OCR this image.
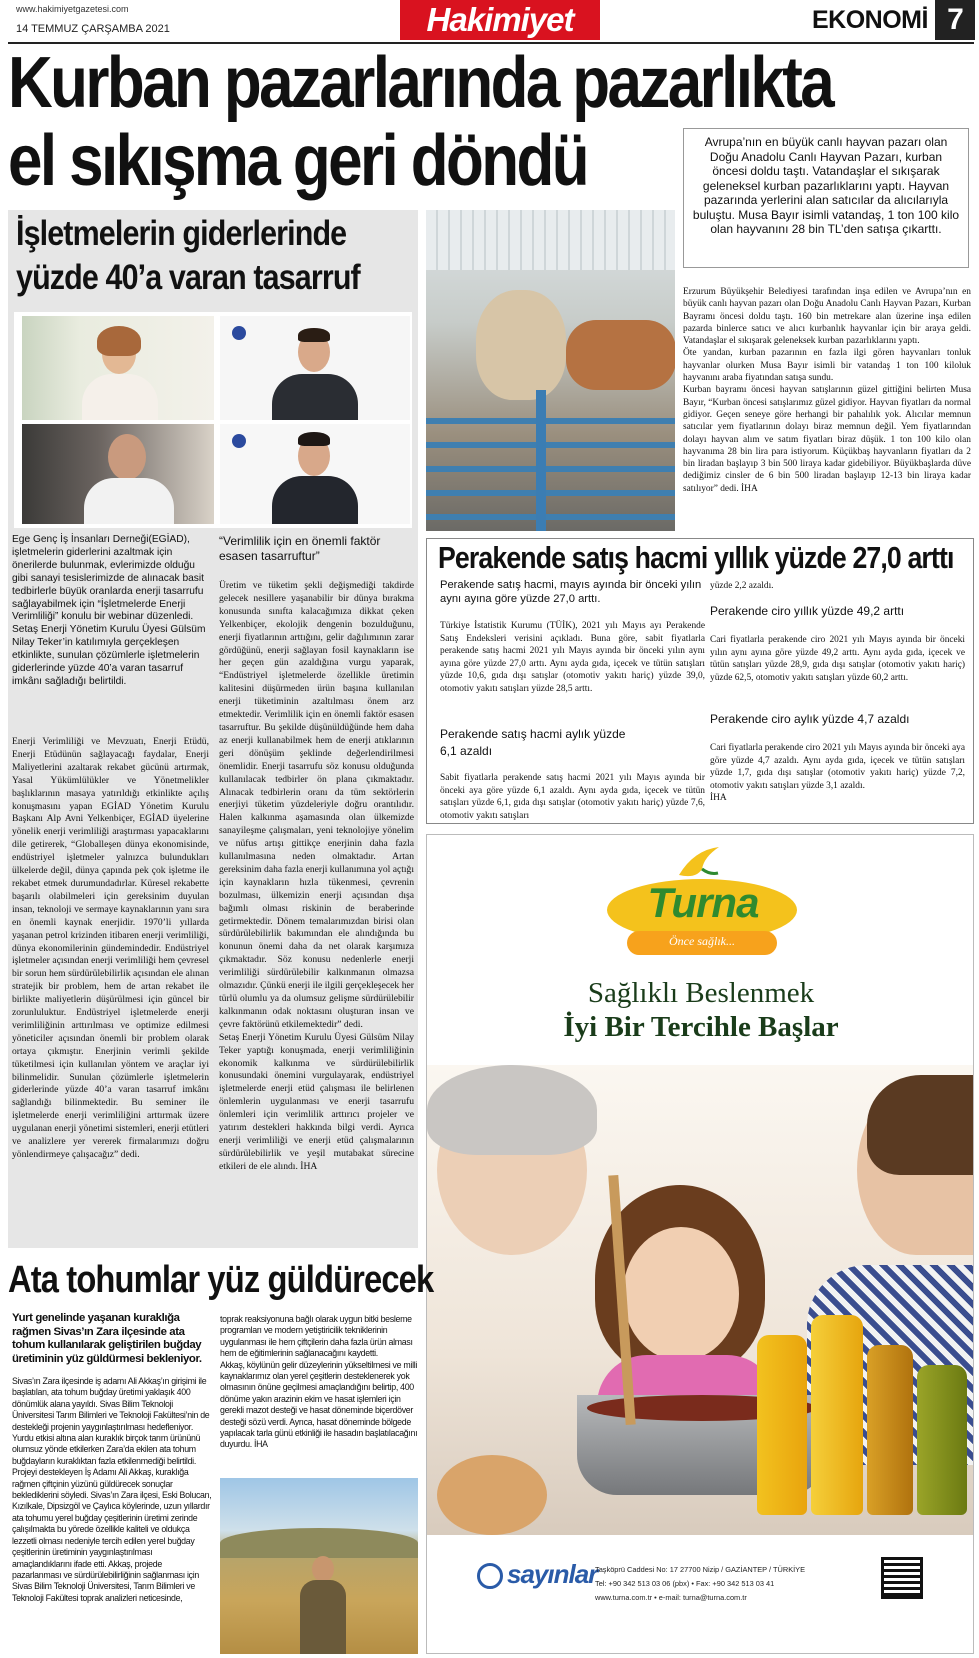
www.hakimiyetgazetesi.com
14 TEMMUZ ÇARŞAMBA 2021	Hakimiyet	EKONOMİ 7
Kurban pazarlarında pazarlıkta
el sıkışma geri döndü	Avrupa’nın en büyük canlı hayvan pazarı olan Doğu Anadolu Canlı Hayvan Pazarı, kurban öncesi doldu taştı. Vatandaşlar el sıkışarak geleneksel kurban pazarlıklarını yaptı. Hayvan pazarında yerlerini alan satıcılar da alıcılarıyla buluştu. Musa Bayır isimli vatandaş, 1 ton 100 kilo olan hayvanını 28 bin TL’den satışa çıkarttı.
İşletmelerin giderlerinde
yüzde 40’a varan tasarruf
Ege Genç İş İnsanları Derneği(EGİAD), işletmelerin giderlerini azaltmak için önerilerde bulunmak, evlerimizde olduğu gibi sanayi tesislerimizde de alınacak basit tedbirlerle büyük oranlarda enerji tasarrufu sağlayabilmek için “İşletmelerde Enerji Verimliliği” konulu bir webinar düzenledi. Setaş Enerji Yönetim Kurulu Üyesi Gülsüm Nilay Teker’in katılımıyla gerçekleşen etkinlikte, sunulan çözümlerle işletmelerin giderlerinde yüzde 40’a varan tasarruf imkânı sağladığı belirtildi.
Enerji Verimliliği ve Mevzuatı, Enerji Etüdü, Enerji Etüdünün sağlayacağı faydalar, Enerji Maliyetlerini azaltarak rekabet gücünü artırmak, Yasal Yükümlülükler ve Yönetmelikler başlıklarının masaya yatırıldığı etkinlikte açılış konuşmasını yapan EGİAD Yönetim Kurulu Başkanı Alp Avni Yelkenbiçer, EGİAD üyelerine yönelik enerji verimliliği araştırması yapacaklarını dile getirerek, “Globalleşen dünya ekonomisinde, endüstriyel işletmeler yalnızca bulundukları ülkelerde değil, dünya çapında pek çok işletme ile rekabet etmek durumundadırlar. Küresel rekabette başarılı olabilmeleri için gereksinim duyulan insan, teknoloji ve sermaye kaynaklarının yanı sıra en önemli kaynak enerjidir. 1970’li yıllarda yaşanan petrol krizinden itibaren enerji verimliliği, dünya ekonomilerinin gündemindedir. Endüstriyel işletmeler açısından enerji verimliliği hem çevresel bir sorun hem sürdürülebilirlik açısından ele alınan stratejik bir problem, hem de artan rekabet ile birlikte maliyetlerin düşürülmesi için güncel bir zorunluluktur. Endüstriyel işletmelerde enerji verimliliğinin arttırılması ve optimize edilmesi yöneticiler açısından önemli bir problem olarak ortaya çıkmıştır. Enerjinin verimli şekilde tüketilmesi için kullanılan yöntem ve araçlar iyi bilinmelidir. Sunulan çözümlerle işletmelerin giderlerinde yüzde 40’a varan tasarruf imkânı sağlandığı bilinmektedir. Bu seminer ile işletmelerde enerji verimliliğini arttırmak üzere uygulanan enerji yönetimi sistemleri, enerji etütleri ve analizlere yer vererek firmalarımızı doğru yönlendirmeye çalışacağız” dedi.
“Verimlilik için en önemli faktör esasen tasarruftur”
Üretim ve tüketim şekli değişmediği takdirde gelecek nesillere yaşanabilir bir dünya bırakma konusunda sınıfta kalacağımıza dikkat çeken Yelkenbiçer, ekolojik dengenin bozulduğunu, enerji fiyatlarının arttığını, gelir dağılımının zarar gördüğünü, enerji sağlayan fosil kaynakların ise her geçen gün azaldığına vurgu yaparak, “Endüstriyel işletmelerde özellikle üretimin kalitesini düşürmeden ürün başına kullanılan enerji tüketiminin azaltılması önem arz etmektedir. Verimlilik için en önemli faktör esasen tasarruftur. Bu şekilde düşünüldüğünde hem daha az enerji kullanabilmek hem de enerji atıklarının geri dönüşüm şeklinde değerlendirilmesi önemlidir. Enerji tasarrufu söz konusu olduğunda kullanılacak tedbirler ön plana çıkmaktadır. Alınacak tedbirlerin oranı da tüm sektörlerin enerjiyi tüketim yüzdeleriyle doğru orantılıdır. Halen kalkınma aşamasında olan ülkemizde sanayileşme çalışmaları, yeni teknolojiye yönelim ve nüfus artışı gittikçe enerjinin daha fazla kullanılmasına neden olmaktadır. Artan gereksinim daha fazla enerji kullanımına yol açtığı için kaynakların hızla tükenmesi, çevrenin bozulması, ülkemizin enerji açısından dışa bağımlı olması riskinin de beraberinde getirmektedir. Dönem temalarımızdan birisi olan sürdürülebilirlik bakımından ele alındığında bu konunun önemi daha da net olarak karşımıza çıkmaktadır. Söz konusu nedenlerle enerji verimliliği sürdürülebilir kalkınmanın olmazsa olmazıdır. Çünkü enerji ile ilgili gerçekleşecek her türlü olumlu ya da olumsuz gelişme sürdürülebilir kalkınmanın odak noktasını oluşturan insan ve çevre faktörünü etkilemektedir” dedi.
Setaş Enerji Yönetim Kurulu Üyesi Gülsüm Nilay Teker yaptığı konuşmada, enerji verimliliğinin ekonomik kalkınma ve sürdürülebilirlik konusundaki önemini vurgulayarak, endüstriyel işletmelerde enerji etüd çalışması ile belirlenen önlemlerin uygulanması ve enerji tasarrufu önlemleri için verimlilik arttırıcı projeler ve yatırım destekleri hakkında bilgi verdi. Ayrıca enerji verimliliği ve enerji etüd çalışmalarının sürdürülebilirlik ve yeşil mutabakat sürecine etkileri de ele alındı. İHA
Erzurum Büyükşehir Belediyesi tarafından inşa edilen ve Avrupa’nın en büyük canlı hayvan pazarı olan Doğu Anadolu Canlı Hayvan Pazarı, Kurban Bayramı öncesi doldu taştı. 160 bin metrekare alan üzerine inşa edilen pazarda binlerce satıcı ve alıcı kurbanlık hayvanlar için bir araya geldi. Vatandaşlar el sıkışarak geleneksek kurban pazarlıklarını yaptı.
Öte yandan, kurban pazarının en fazla ilgi gören hayvanları tonluk hayvanlar olurken Musa Bayır isimli bir vatandaş 1 ton 100 kiloluk hayvanını araba fiyatından satışa sundu.
Kurban bayramı öncesi hayvan satışlarının güzel gittiğini belirten Musa Bayır, “Kurban öncesi satışlarımız güzel gidiyor. Hayvan fiyatları da normal gidiyor. Geçen seneye göre herhangi bir pahalılık yok. Alıcılar memnun satıcılar yem fiyatlarının dolayı biraz memnun değil. Yem fiyatlarından dolayı hayvan alım ve satım fiyatları biraz düşük. 1 ton 100 kilo olan hayvanıma 28 bin lira para istiyorum. Küçükbaş hayvanların fiyatları da 2 bin liradan başlayıp 3 bin 500 liraya kadar gidebiliyor. Büyükbaşlarda düve dediğimiz cinsler de 6 bin 500 liradan başlayıp 12-13 bin liraya kadar satılıyor” dedi. İHA
Perakende satış hacmi yıllık yüzde 27,0 arttı
Perakende satış hacmi, mayıs ayında bir önceki yılın aynı ayına göre yüzde 27,0 arttı.
Türkiye İstatistik Kurumu (TÜİK), 2021 yılı Mayıs ayı Perakende Satış Endeksleri verisini açıkladı. Buna göre, sabit fiyatlarla perakende satış hacmi 2021 yılı Mayıs ayında bir önceki yılın aynı ayına göre yüzde 27,0 arttı. Aynı ayda gıda, içecek ve tütün satışları yüzde 10,6, gıda dışı satışlar (otomotiv yakıtı hariç) yüzde 39,0, otomotiv yakıtı satışları yüzde 28,5 arttı.
Perakende satış hacmi aylık yüzde 6,1 azaldı
Sabit fiyatlarla perakende satış hacmi 2021 yılı Mayıs ayında bir önceki aya göre yüzde 6,1 azaldı. Aynı ayda gıda, içecek ve tütün satışları yüzde 6,1, gıda dışı satışlar (otomotiv yakıtı hariç) yüzde 7,6, otomotiv yakıtı satışları
yüzde 2,2 azaldı.
Perakende ciro yıllık yüzde 49,2 arttı
Cari fiyatlarla perakende ciro 2021 yılı Mayıs ayında bir önceki yılın aynı ayına göre yüzde 49,2 arttı. Aynı ayda gıda, içecek ve tütün satışları yüzde 28,9, gıda dışı satışlar (otomotiv yakıtı hariç) yüzde 62,5, otomotiv yakıtı satışları yüzde 60,2 arttı.
Perakende ciro aylık yüzde 4,7 azaldı
Cari fiyatlarla perakende ciro 2021 yılı Mayıs ayında bir önceki aya göre yüzde 4,7 azaldı. Aynı ayda gıda, içecek ve tütün satışları yüzde 1,7, gıda dışı satışlar (otomotiv yakıtı hariç) yüzde 7,2, otomotiv yakıtı satışları yüzde 3,1 azaldı.
İHA
Turna
Önce sağlık...
Sağlıklı Beslenmek
İyi Bir Tercihle Başlar
sayınlar
Taşköprü Caddesi No: 17 27700 Nizip / GAZİANTEP / TÜRKİYE
Tel: +90 342 513 03 06 (pbx) • Fax: +90 342 513 03 41
www.turna.com.tr • e-mail: turna@turna.com.tr
Ata tohumlar yüz güldürecek
Yurt genelinde yaşanan kuraklığa rağmen Sivas’ın Zara ilçesinde ata tohum kullanılarak geliştirilen buğday üretiminin yüz güldürmesi bekleniyor.
Sivas’ın Zara ilçesinde iş adamı Ali Akkaş’ın girişimi ile başlatılan, ata tohum buğday üretimi yaklaşık 400 dönümlük alana yayıldı. Sivas Bilim Teknoloji Üniversitesi Tarım Bilimleri ve Teknoloji Fakültesi’nin de destekleği projenin yaygınlaştırılması hedefleniyor. Yurdu etkisi altına alan kuraklık birçok tarım ürününü olumsuz yönde etkilerken Zara’da ekilen ata tohum buğdayların kuraklıktan fazla etkilenmediği belirtildi. Projeyi destekleyen İş Adamı Ali Akkaş, kuraklığa rağmen çiftçinin yüzünü güldürecek sonuçlar beklediklerini söyledi. Sivas’ın Zara ilçesi, Eski Bolucan, Kızılkale, Dipsizgöl ve Çaylıca köylerinde, uzun yıllardır ata tohumu yerel buğday çeşitlerinin üretimi zerinde çalışılmakta bu yörede özellikle kaliteli ve oldukça lezzetli olması nedeniyle tercih edilen yerel buğday çeşitlerinin üretiminin yaygınlaştırılması amaçlandıklarını ifade etti. Akkaş, projede pazarlanması ve sürdürülebilirliğinin sağlanması için Sivas Bilim Teknoloji Üniversitesi, Tarım Bilimleri ve Teknoloji Fakültesi toprak analizleri neticesinde,
toprak reaksiyonuna bağlı olarak uygun bitki besleme programları ve modern yetiştiricilik tekniklerinin uygulanması ile hem çiftçilerin daha fazla ürün alması hem de eğitimlerinin sağlanacağını kaydetti.
Akkaş, köylünün gelir düzeylerinin yükseltilmesi ve milli kaynaklarımız olan yerel çeşitlerin desteklenerek yok olmasının önüne geçilmesi amaçlandığını belirtip, 400 dönüme yakın arazinin ekim ve hasat işlemleri için gerekli mazot desteği ve hasat döneminde biçerdöver desteği sözü verdi. Ayrıca, hasat döneminde bölgede yapılacak tarla günü etkinliği ile hasadın başlatılacağını duyurdu. İHA
